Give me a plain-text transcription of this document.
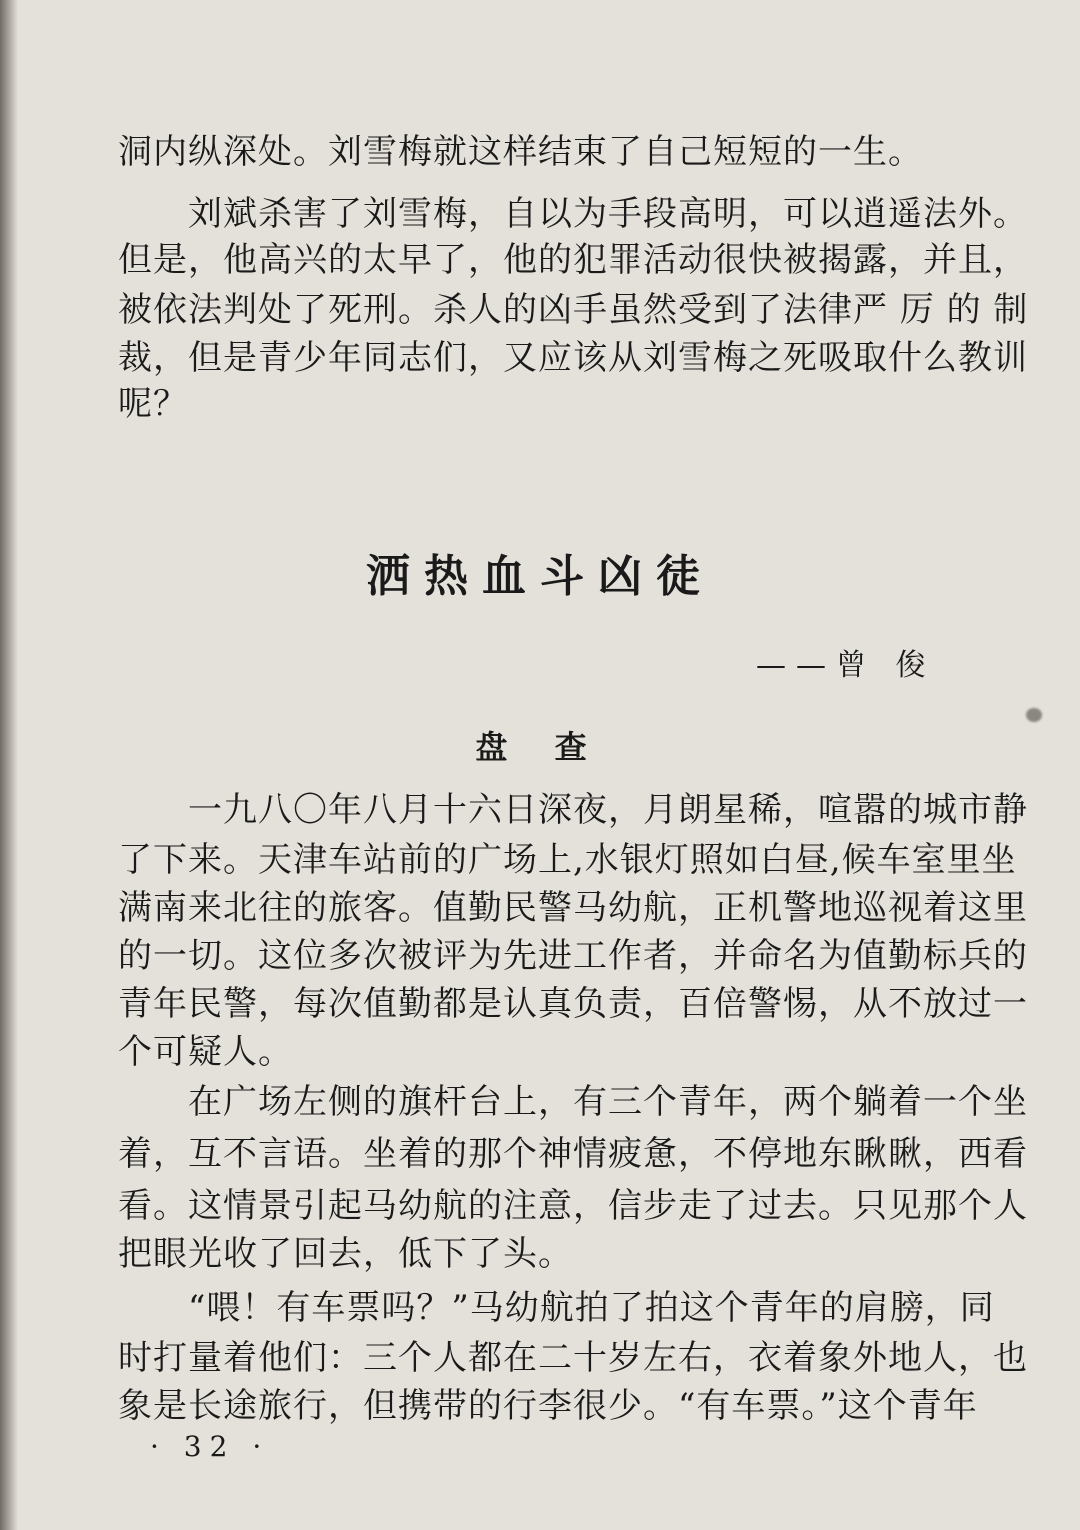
洞内纵深处。刘雪梅就这样结束了自己短短的一生。
　　刘斌杀害了刘雪梅，自以为手段高明，可以逍遥法外。
但是，他高兴的太早了，他的犯罪活动很快被揭露，并且，
被依法判处了死刑。杀人的凶手虽然受到了法律严 厉 的 制
裁，但是青少年同志们，又应该从刘雪梅之死吸取什么教训
呢？
洒热血斗凶徒
——曾 俊
盘 查
　　一九八〇年八月十六日深夜，月朗星稀，喧嚣的城市静
了下来。天津车站前的广场上,水银灯照如白昼,候车室里坐
满南来北往的旅客。值勤民警马幼航，正机警地巡视着这里
的一切。这位多次被评为先进工作者，并命名为值勤标兵的
青年民警，每次值勤都是认真负责，百倍警惕，从不放过一
个可疑人。
　　在广场左侧的旗杆台上，有三个青年，两个躺着一个坐
着，互不言语。坐着的那个神情疲惫，不停地东瞅瞅，西看
看。这情景引起马幼航的注意，信步走了过去。只见那个人
把眼光收了回去，低下了头。
　　“喂！有车票吗？”马幼航拍了拍这个青年的肩膀，同
时打量着他们：三个人都在二十岁左右，衣着象外地人，也
象是长途旅行，但携带的行李很少。“有车票。”这个青年
· 32 ·
